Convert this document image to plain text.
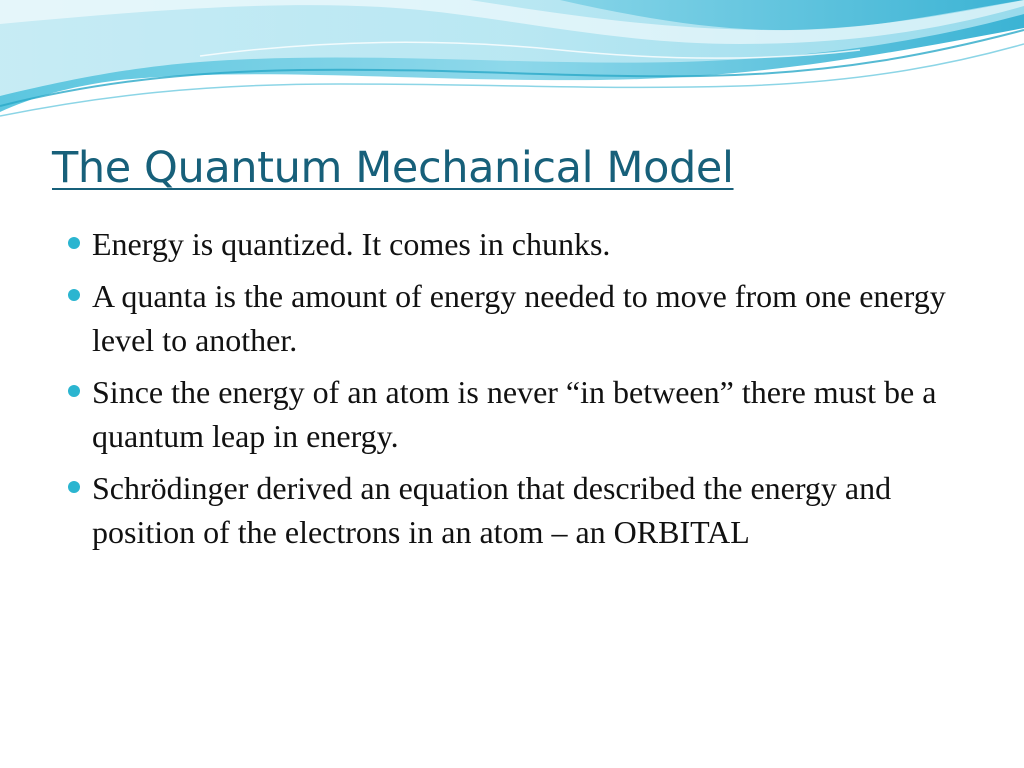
The Quantum Mechanical Model
Energy is quantized. It comes in chunks.
A quanta is the amount of energy needed to move from one energy level to another.
Since the energy of an atom is never “in between” there must be a quantum leap in energy.
Schrödinger derived an equation that described the energy and position of the electrons in an atom – an ORBITAL
